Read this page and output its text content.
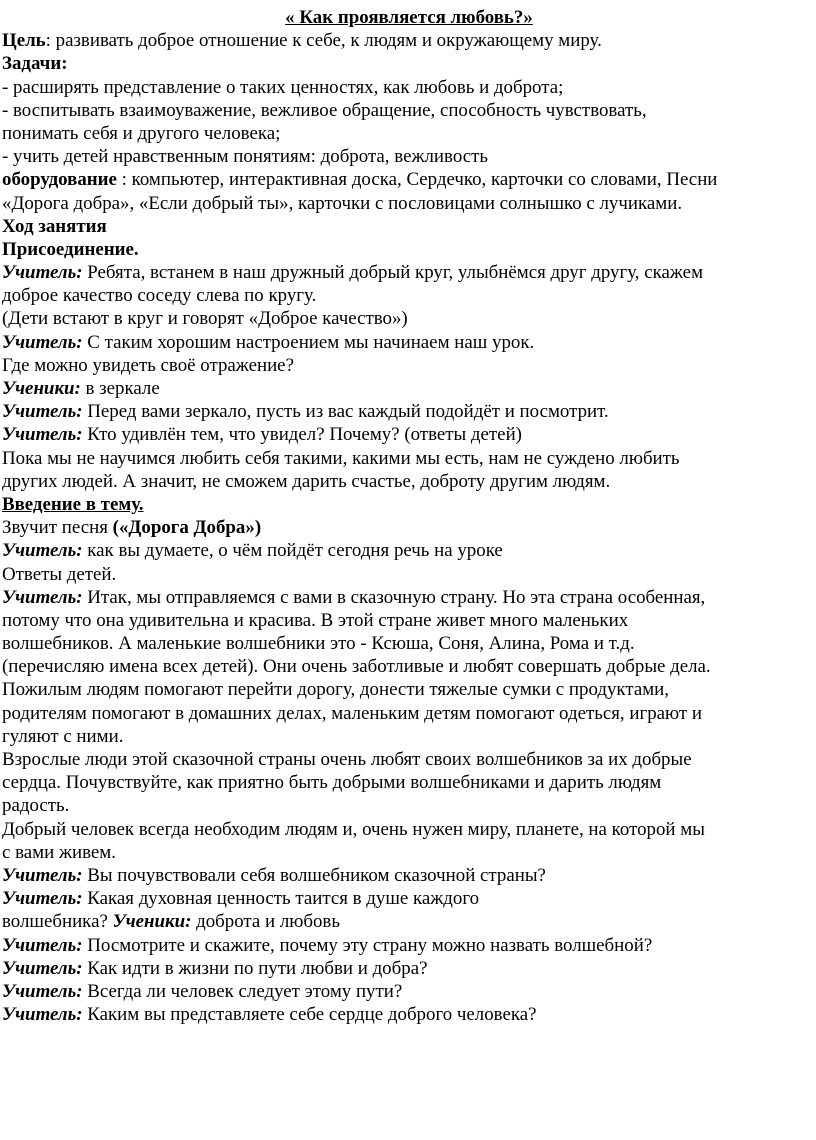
« Как проявляется любовь?»
Цель: развивать доброе отношение к себе, к людям и окружающему миру.
Задачи:
- расширять представление о таких ценностях, как любовь и доброта;
- воспитывать взаимоуважение, вежливое обращение, способность чувствовать,
понимать себя и другого человека;
- учить детей нравственным понятиям: доброта, вежливость
оборудование : компьютер, интерактивная доска, Сердечко, карточки со словами, Песни
«Дорога добра», «Если добрый ты», карточки с пословицами солнышко с лучиками.
Ход занятия
Присоединение.
Учитель: Ребята, встанем в наш дружный добрый круг, улыбнёмся друг другу, скажем
доброе качество соседу слева по кругу.
(Дети встают в круг и говорят «Доброе качество»)
Учитель: С таким хорошим настроением мы начинаем наш урок.
Где можно увидеть своё отражение?
Ученики: в зеркале
Учитель: Перед вами зеркало, пусть из вас каждый подойдёт и посмотрит.
Учитель: Кто удивлён тем, что увидел? Почему? (ответы детей)
Пока мы не научимся любить себя такими, какими мы есть, нам не суждено любить
других людей. А значит, не сможем дарить счастье, доброту другим людям.
Введение в тему.
Звучит песня («Дорога Добра»)
Учитель: как вы думаете, о чём пойдёт сегодня речь на уроке
Ответы детей.
Учитель: Итак, мы отправляемся с вами в сказочную страну. Но эта страна особенная,
потому что она удивительна и красива. В этой стране живет много маленьких
волшебников. А маленькие волшебники это - Ксюша, Соня, Алина, Рома и т.д.
(перечисляю имена всех детей). Они очень заботливые и любят совершать добрые дела.
Пожилым людям помогают перейти дорогу, донести тяжелые сумки с продуктами,
родителям помогают в домашних делах, маленьким детям помогают одеться, играют и
гуляют с ними.
Взрослые люди этой сказочной страны очень любят своих волшебников за их добрые
сердца. Почувствуйте, как приятно быть добрыми волшебниками и дарить людям
радость.
Добрый человек всегда необходим людям и, очень нужен миру, планете, на которой мы
с вами живем.
Учитель: Вы почувствовали себя волшебником сказочной страны?
Учитель: Какая духовная ценность таится в душе каждого
волшебника? Ученики: доброта и любовь
Учитель: Посмотрите и скажите, почему эту страну можно назвать волшебной?
Учитель: Как идти в жизни по пути любви и добра?
Учитель: Всегда ли человек следует этому пути?
Учитель: Каким вы представляете себе сердце доброго человека?
